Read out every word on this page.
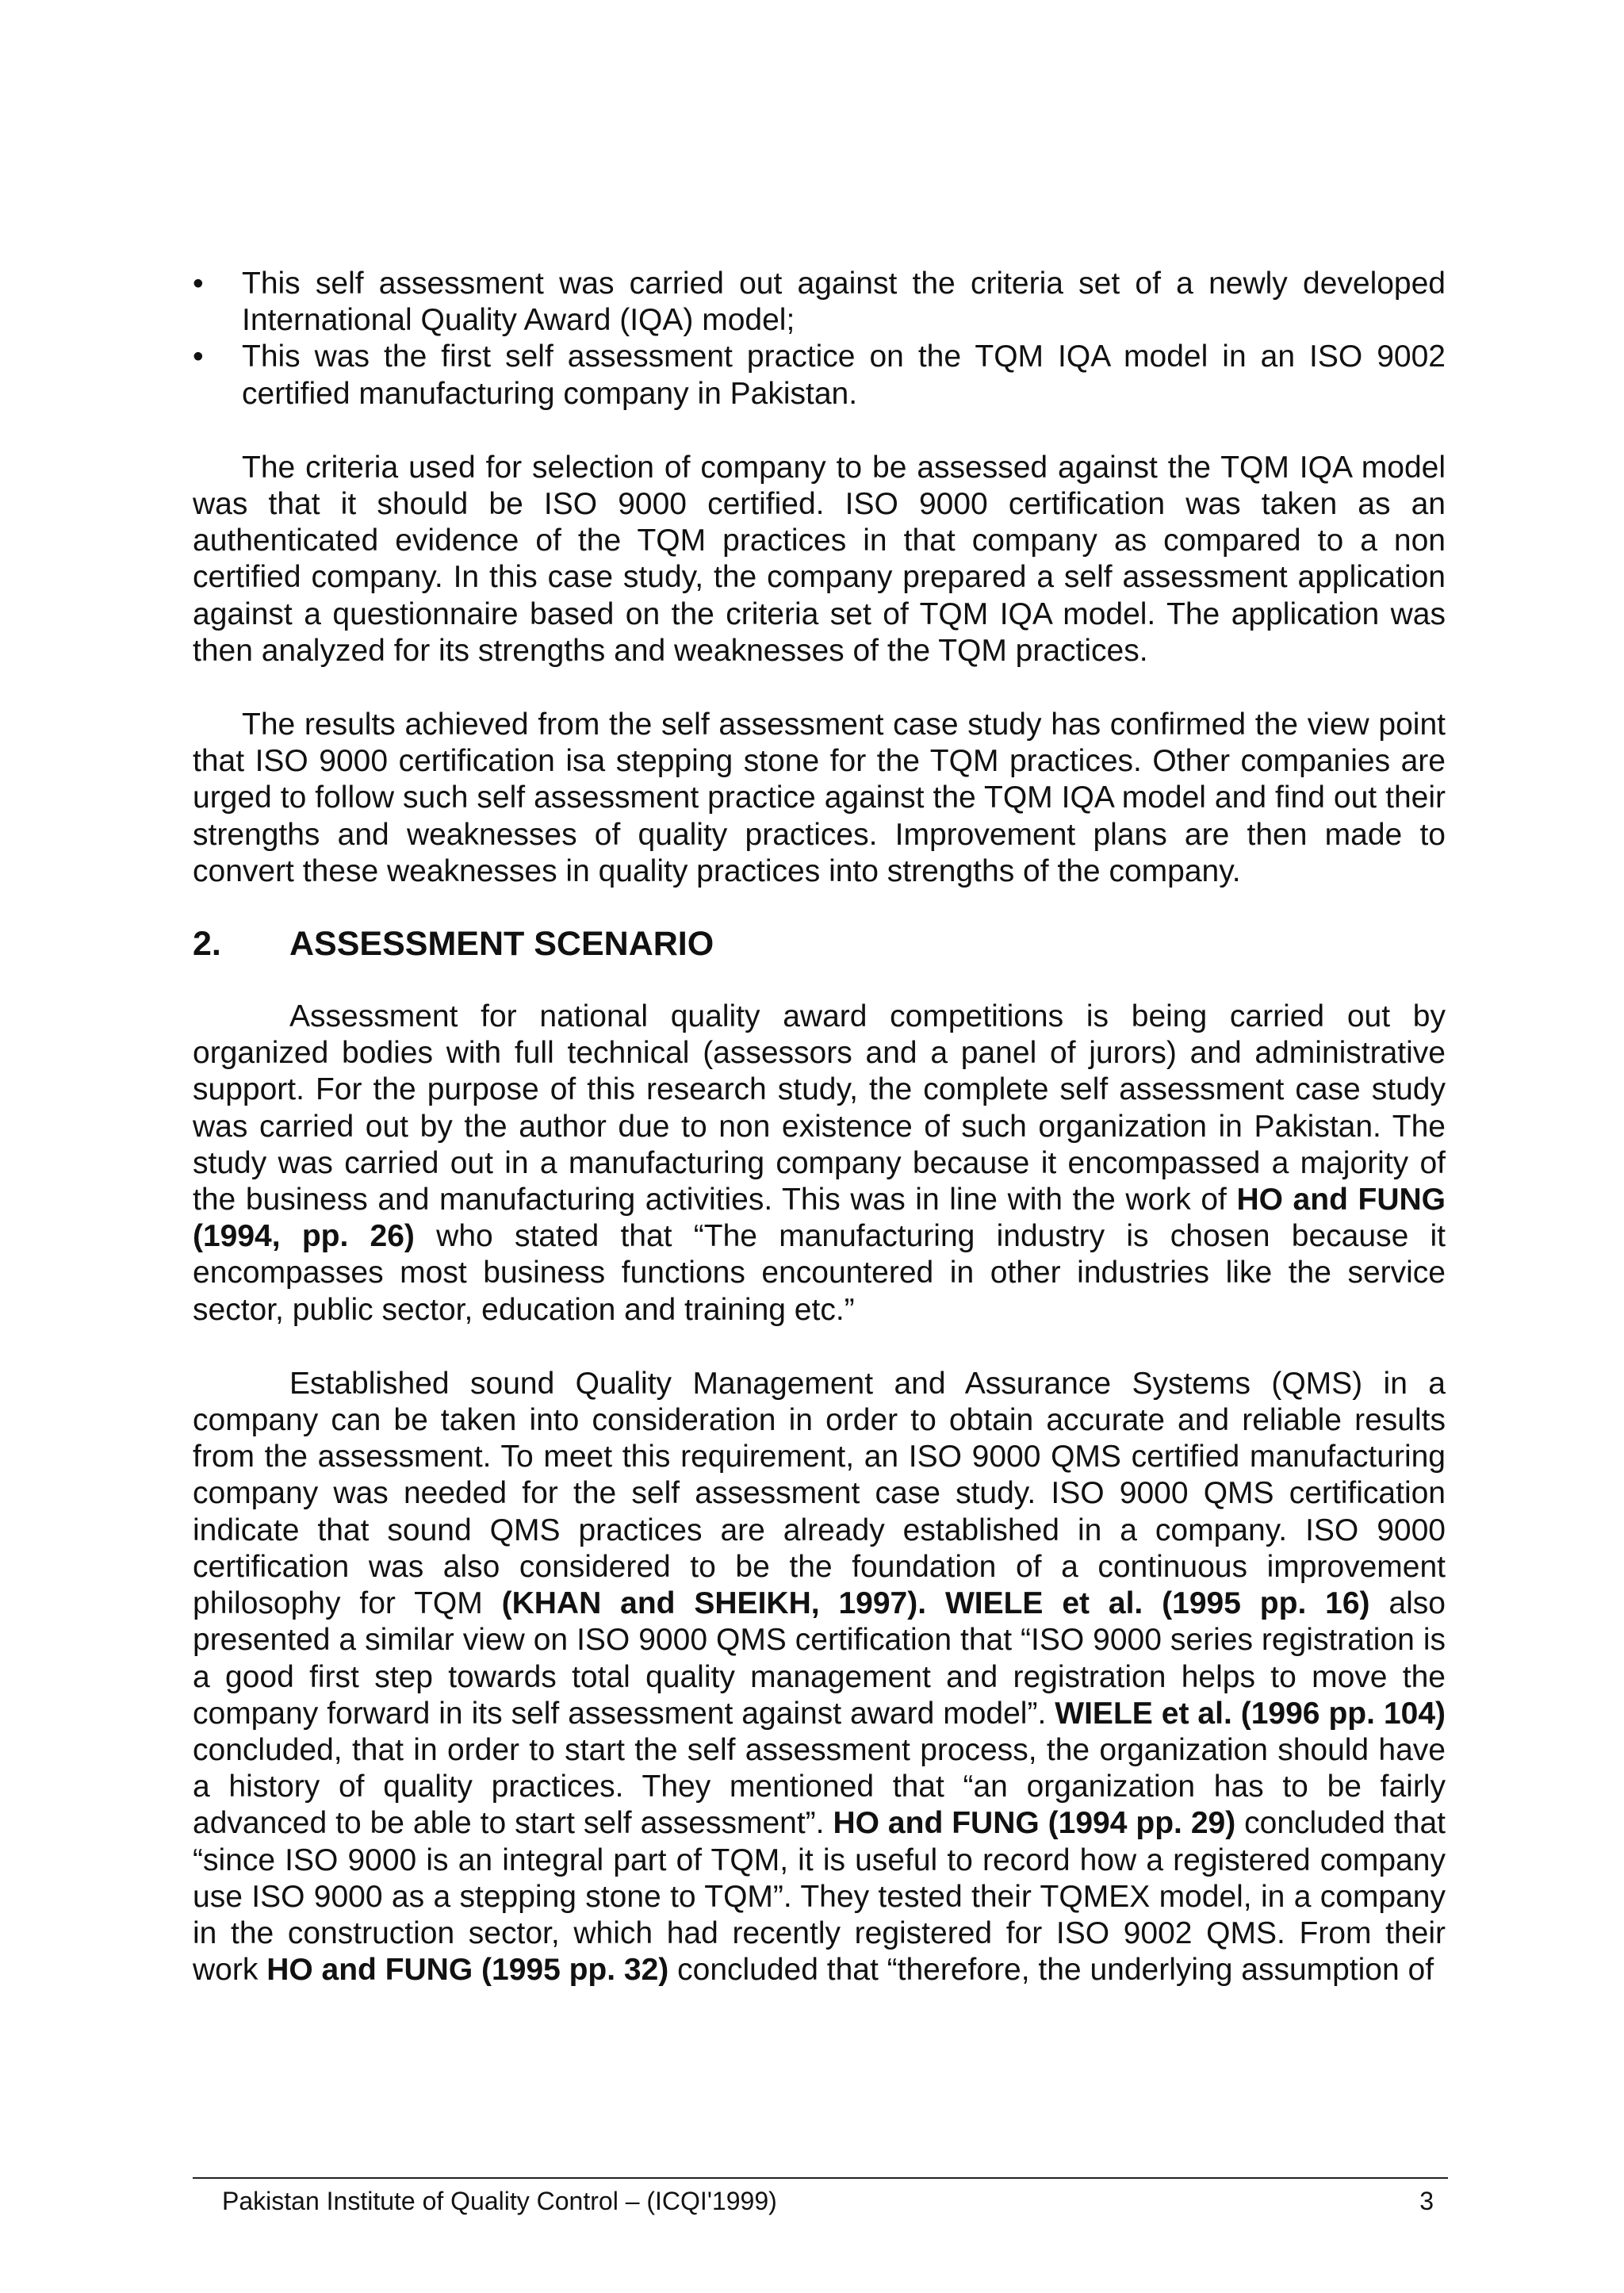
•	This self assessment was carried out against the criteria set of a newly developed International Quality Award (IQA) model;
•	This was the first self assessment practice on the TQM IQA model in an ISO 9002 certified manufacturing company in Pakistan.

The criteria used for selection of company to be assessed against the TQM IQA model was that it should be ISO 9000 certified. ISO 9000 certification was taken as an authenticated evidence of the TQM practices in that company as compared to a non certified company. In this case study, the company prepared a self assessment application against a questionnaire based on the criteria set of TQM IQA model. The application was then analyzed for its strengths and weaknesses of the TQM practices.

The results achieved from the self assessment case study has confirmed the view point that ISO 9000 certification isa stepping stone for the TQM practices. Other companies are urged to follow such self assessment practice against the TQM IQA model and find out their strengths and weaknesses of quality practices. Improvement plans are then made to convert these weaknesses in quality practices into strengths of the company.

2.	ASSESSMENT SCENARIO

Assessment for national quality award competitions is being carried out by organized bodies with full technical (assessors and a panel of jurors) and administrative support. For the purpose of this research study, the complete self assessment case study was carried out by the author due to non existence of such organization in Pakistan. The study was carried out in a manufacturing company because it encompassed a majority of the business and manufacturing activities. This was in line with the work of HO and FUNG (1994, pp. 26) who stated that “The manufacturing industry is chosen because it encompasses most business functions encountered in other industries like the service sector, public sector, education and training etc.”

Established sound Quality Management and Assurance Systems (QMS) in a company can be taken into consideration in order to obtain accurate and reliable results from the assessment. To meet this requirement, an ISO 9000 QMS certified manufacturing company was needed for the self assessment case study. ISO 9000 QMS certification indicate that sound QMS practices are already established in a company. ISO 9000 certification was also considered to be the foundation of a continuous improvement philosophy for TQM (KHAN and SHEIKH, 1997). WIELE et al. (1995 pp. 16) also presented a similar view on ISO 9000 QMS certification that “ISO 9000 series registration is a good first step towards total quality management and registration helps to move the company forward in its self assessment against award model”. WIELE et al. (1996 pp. 104) concluded, that in order to start the self assessment process, the organization should have a history of quality practices. They mentioned that “an organization has to be fairly advanced to be able to start self assessment”. HO and FUNG (1994 pp. 29) concluded that “since ISO 9000 is an integral part of TQM, it is useful to record how a registered company use ISO 9000 as a stepping stone to TQM”. They tested their TQMEX model, in a company in the construction sector, which had recently registered for ISO 9002 QMS. From their work HO and FUNG (1995 pp. 32) concluded that “therefore, the underlying assumption of

Pakistan Institute of Quality Control – (ICQI'1999)	3
